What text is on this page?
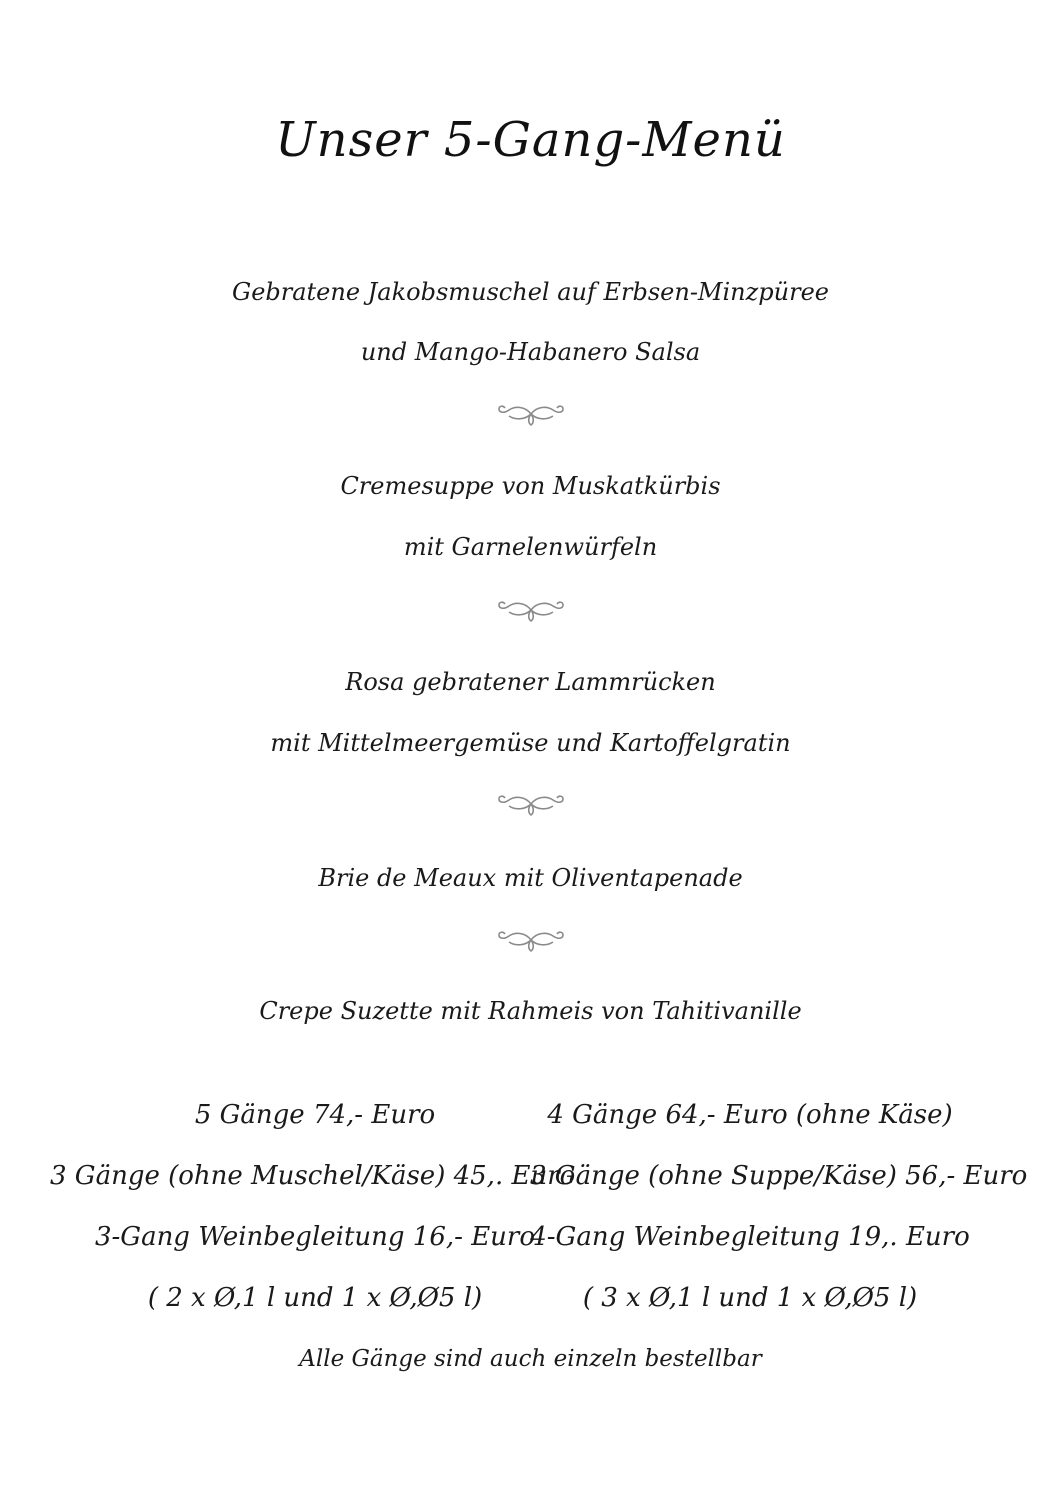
Unser 5-Gang-Menü
Gebratene Jakobsmuschel auf Erbsen-Minzpüree
und Mango-Habanero Salsa
Cremesuppe von Muskatkürbis
mit Garnelenwürfeln
Rosa gebratener Lammrücken
mit Mittelmeergemüse und Kartoffelgratin
Brie de Meaux mit Oliventapenade
Crepe Suzette mit Rahmeis von Tahitivanille
5 Gänge 74,- Euro	4 Gänge 64,- Euro (ohne Käse)
3 Gänge (ohne Muschel/Käse) 45,. Euro
3 Gänge (ohne Suppe/Käse) 56,- Euro
3-Gang Weinbegleitung 16,- Euro
4-Gang Weinbegleitung 19,. Euro
( 2 x Ø,1 l und 1 x Ø,Ø5 l)	( 3 x Ø,1 l und 1 x Ø,Ø5 l)
Alle Gänge sind auch einzeln bestellbar
